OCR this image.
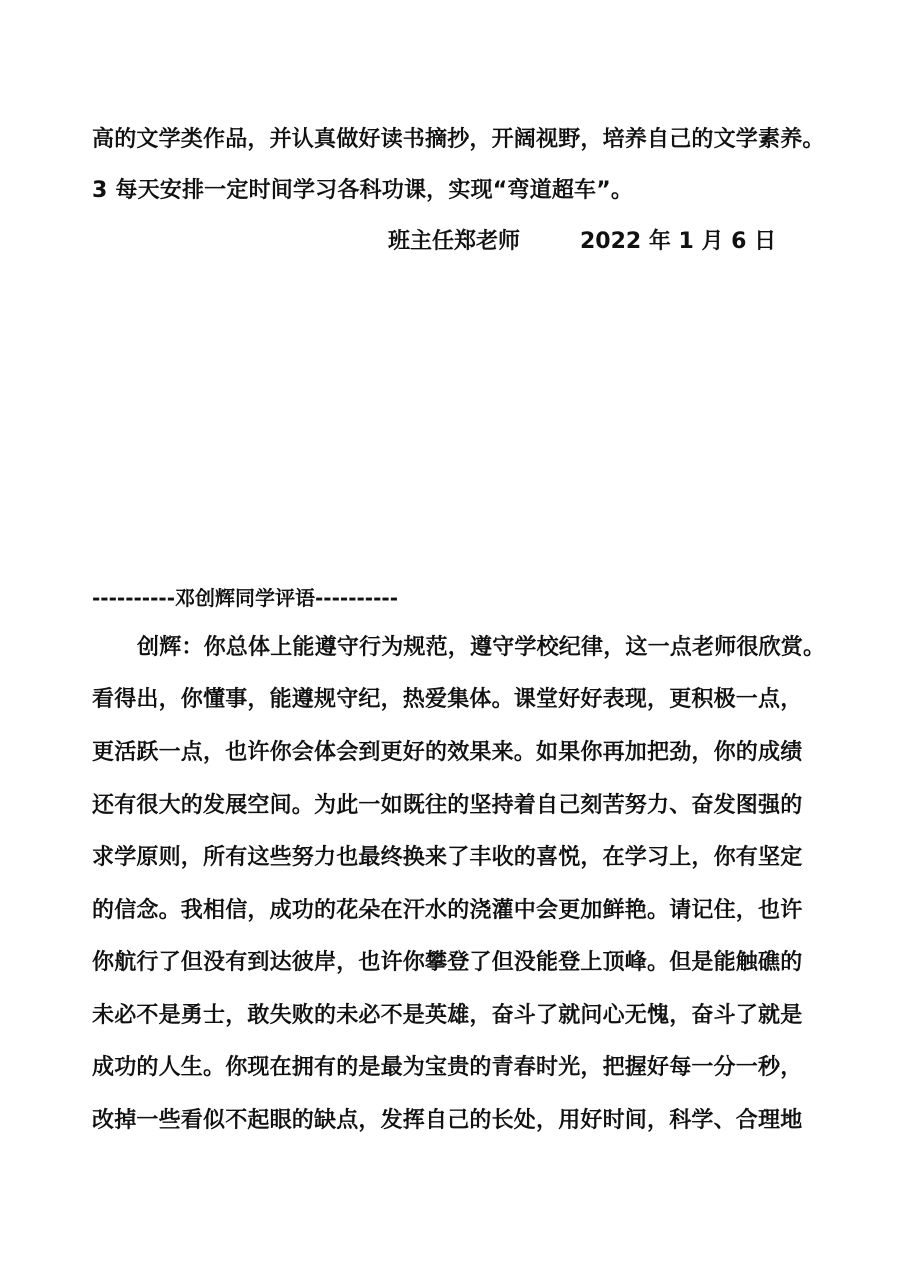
高的文学类作品，并认真做好读书摘抄，开阔视野，培养自己的文学素养。
3 每天安排一定时间学习各科功课，实现“弯道超车”。
班主任郑老师	2022 年 1 月 6 日
----------邓创辉同学评语----------
创辉：你总体上能遵守行为规范，遵守学校纪律，这一点老师很欣赏。
看得出，你懂事，能遵规守纪，热爱集体。课堂好好表现，更积极一点，
更活跃一点，也许你会体会到更好的效果来。如果你再加把劲，你的成绩
还有很大的发展空间。为此一如既往的坚持着自己刻苦努力、奋发图强的
求学原则，所有这些努力也最终换来了丰收的喜悦，在学习上，你有坚定
的信念。我相信，成功的花朵在汗水的浇灌中会更加鲜艳。请记住，也许
你航行了但没有到达彼岸，也许你攀登了但没能登上顶峰。但是能触礁的
未必不是勇士，敢失败的未必不是英雄，奋斗了就问心无愧，奋斗了就是
成功的人生。你现在拥有的是最为宝贵的青春时光，把握好每一分一秒，
改掉一些看似不起眼的缺点，发挥自己的长处，用好时间，科学、合理地
